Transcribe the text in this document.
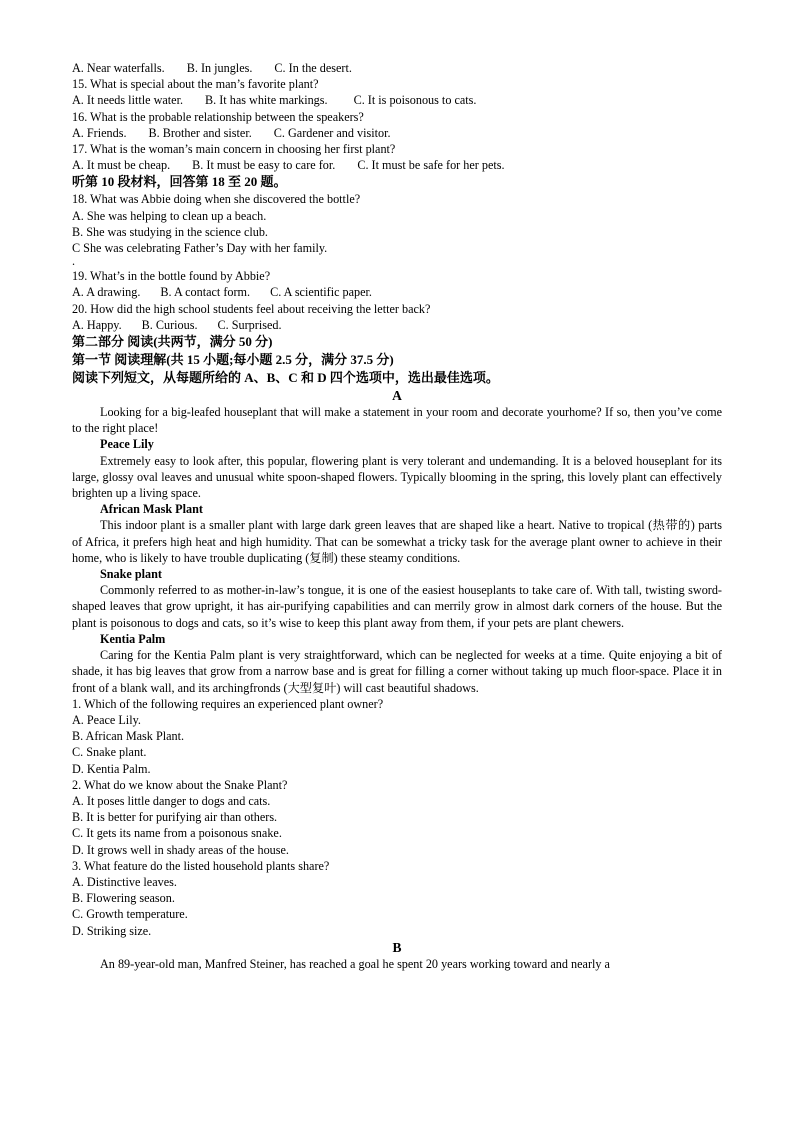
A. Near waterfalls. B. In jungles. C. In the desert.
15. What is special about the man’s favorite plant?
A. It needs little water. B. It has white markings. C. It is poisonous to cats.
16. What is the probable relationship between the speakers?
A. Friends. B. Brother and sister. C. Gardener and visitor.
17. What is the woman’s main concern in choosing her first plant?
A. It must be cheap. B. It must be easy to care for. C. It must be safe for her pets.
听第 10 段材料，回答第 18 至 20 题。
18. What was Abbie doing when she discovered the bottle?
A. She was helping to clean up a beach.
B. She was studying in the science club.
C She was celebrating Father’s Day with her family.
.
19. What’s in the bottle found by Abbie?
A. A drawing. B. A contact form. C. A scientific paper.
20. How did the high school students feel about receiving the letter back?
A. Happy. B. Curious. C. Surprised.
第二部分 阅读(共两节，满分 50 分)
第一节 阅读理解(共 15 小题;每小题 2.5 分，满分 37.5 分)
阅读下列短文，从每题所给的 A、B、C 和 D 四个选项中，选出最佳选项。
A
Looking for a big-leafed houseplant that will make a statement in your room and decorate yourhome? If so, then you’ve come to the right place!
Peace Lily
Extremely easy to look after, this popular, flowering plant is very tolerant and undemanding. It is a beloved houseplant for its large, glossy oval leaves and unusual white spoon-shaped flowers. Typically blooming in the spring, this lovely plant can effectively brighten up a living space.
African Mask Plant
This indoor plant is a smaller plant with large dark green leaves that are shaped like a heart. Native to tropical (热带的) parts of Africa, it prefers high heat and high humidity. That can be somewhat a tricky task for the average plant owner to achieve in their home, who is likely to have trouble duplicating (复制) these steamy conditions.
Snake plant
Commonly referred to as mother-in-law’s tongue, it is one of the easiest houseplants to take care of. With tall, twisting sword-shaped leaves that grow upright, it has air-purifying capabilities and can merrily grow in almost dark corners of the house. But the plant is poisonous to dogs and cats, so it’s wise to keep this plant away from them, if your pets are plant chewers.
Kentia Palm
Caring for the Kentia Palm plant is very straightforward, which can be neglected for weeks at a time. Quite enjoying a bit of shade, it has big leaves that grow from a narrow base and is great for filling a corner without taking up much floor-space. Place it in front of a blank wall, and its archingfronds (大型复叶) will cast beautiful shadows.
1. Which of the following requires an experienced plant owner?
A. Peace Lily.
B. African Mask Plant.
C. Snake plant.
D. Kentia Palm.
2. What do we know about the Snake Plant?
A. It poses little danger to dogs and cats.
B. It is better for purifying air than others.
C. It gets its name from a poisonous snake.
D. It grows well in shady areas of the house.
3. What feature do the listed household plants share?
A. Distinctive leaves.
B. Flowering season.
C. Growth temperature.
D. Striking size.
B
An 89-year-old man, Manfred Steiner, has reached a goal he spent 20 years working toward and nearly a
